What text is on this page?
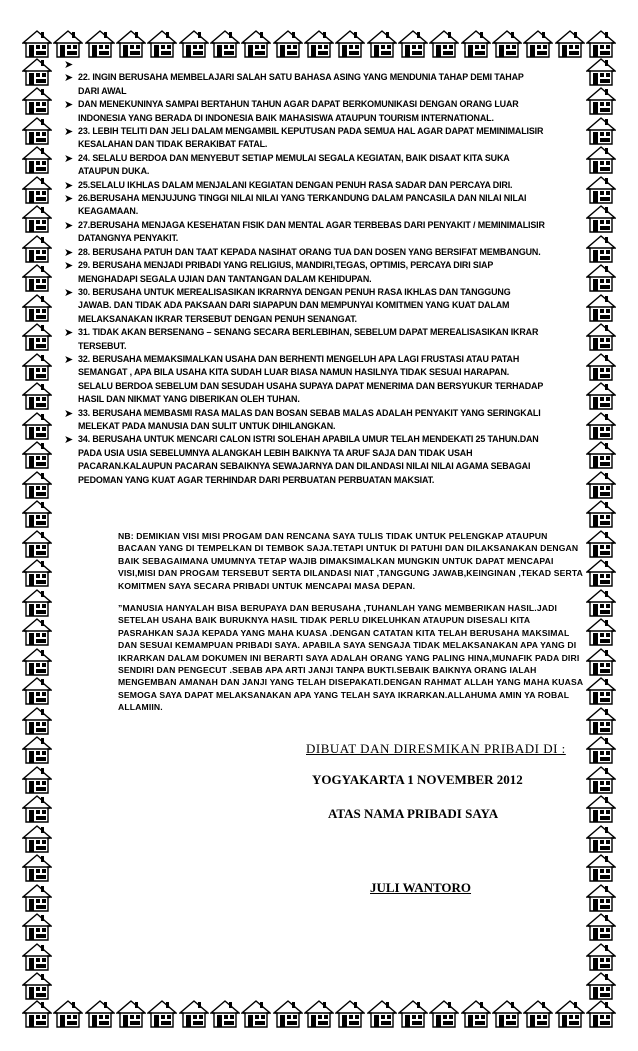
➤
➤ 22. INGIN BERUSAHA MEMBELAJARI SALAH SATU BAHASA ASING YANG MENDUNIA TAHAP DEMI TAHAP DARI AWAL
➤ DAN MENEKUNINYA SAMPAI BERTAHUN TAHUN AGAR DAPAT BERKOMUNIKASI DENGAN ORANG LUAR INDONESIA YANG BERADA DI INDONESIA BAIK MAHASISWA ATAUPUN TOURISM INTERNATIONAL.
➤ 23. LEBIH TELITI DAN JELI DALAM MENGAMBIL KEPUTUSAN PADA SEMUA HAL AGAR DAPAT MEMINIMALISIR KESALAHAN DAN TIDAK BERAKIBAT FATAL.
➤ 24. SELALU BERDOA DAN MENYEBUT SETIAP MEMULAI SEGALA KEGIATAN, BAIK DISAAT KITA SUKA ATAUPUN DUKA.
➤ 25.SELALU IKHLAS DALAM MENJALANI KEGIATAN DENGAN PENUH RASA SADAR DAN PERCAYA DIRI.
➤ 26.BERUSAHA MENJUJUNG TINGGI NILAI NILAI YANG TERKANDUNG DALAM PANCASILA DAN NILAI NILAI KEAGAMAAN.
➤ 27.BERUSAHA MENJAGA KESEHATAN FISIK DAN MENTAL AGAR TERBEBAS DARI PENYAKIT / MEMINIMALISIR DATANGNYA PENYAKIT.
➤ 28. BERUSAHA PATUH DAN TAAT KEPADA NASIHAT ORANG TUA DAN DOSEN YANG BERSIFAT MEMBANGUN.
➤ 29. BERUSAHA MENJADI PRIBADI YANG RELIGIUS, MANDIRI,TEGAS, OPTIMIS, PERCAYA DIRI SIAP MENGHADAPI SEGALA UJIAN DAN TANTANGAN DALAM KEHIDUPAN.
➤ 30. BERUSAHA UNTUK MEREALISASIKAN IKRARNYA DENGAN PENUH RASA IKHLAS DAN TANGGUNG JAWAB. DAN TIDAK ADA PAKSAAN DARI SIAPAPUN DAN MEMPUNYAI KOMITMEN YANG KUAT DALAM MELAKSANAKAN IKRAR TERSEBUT DENGAN PENUH SENANGAT.
➤ 31. TIDAK AKAN BERSENANG – SENANG SECARA BERLEBIHAN, SEBELUM DAPAT MEREALISASIKAN IKRAR TERSEBUT.
➤ 32. BERUSAHA MEMAKSIMALKAN USAHA DAN BERHENTI MENGELUH APA LAGI FRUSTASI ATAU PATAH SEMANGAT , APA BILA USAHA KITA SUDAH LUAR BIASA NAMUN HASILNYA TIDAK SESUAI HARAPAN. SELALU BERDOA SEBELUM DAN SESUDAH USAHA SUPAYA DAPAT MENERIMA DAN BERSYUKUR TERHADAP HASIL DAN NIKMAT YANG DIBERIKAN OLEH TUHAN.
➤ 33. BERUSAHA MEMBASMI RASA MALAS DAN BOSAN SEBAB MALAS ADALAH PENYAKIT YANG SERINGKALI MELEKAT PADA MANUSIA DAN SULIT UNTUK DIHILANGKAN.
➤ 34. BERUSAHA UNTUK MENCARI CALON ISTRI SOLEHAH APABILA UMUR TELAH MENDEKATI 25 TAHUN.DAN PADA USIA USIA SEBELUMNYA ALANGKAH LEBIH BAIKNYA TA ARUF SAJA DAN TIDAK USAH PACARAN.KALAUPUN PACARAN SEBAIKNYA SEWAJARNYA DAN DILANDASI NILAI NILAI AGAMA SEBAGAI PEDOMAN YANG KUAT AGAR TERHINDAR DARI PERBUATAN PERBUATAN MAKSIAT.

NB: DEMIKIAN VISI MISI PROGAM DAN RENCANA SAYA TULIS TIDAK UNTUK PELENGKAP ATAUPUN BACAAN YANG DI TEMPELKAN DI TEMBOK SAJA.TETAPI UNTUK DI PATUHI DAN DILAKSANAKAN DENGAN BAIK SEBAGAIMANA UMUMNYA TETAP WAJIB DIMAKSIMALKAN MUNGKIN UNTUK DAPAT MENCAPAI VISI,MISI DAN PROGAM TERSEBUT SERTA DILANDASI NIAT ,TANGGUNG JAWAB,KEINGINAN ,TEKAD SERTA KOMITMEN SAYA SECARA PRIBADI UNTUK MENCAPAI MASA DEPAN.

”MANUSIA HANYALAH BISA BERUPAYA DAN BERUSAHA ,TUHANLAH YANG MEMBERIKAN HASIL.JADI SETELAH USAHA BAIK BURUKNYA HASIL TIDAK PERLU DIKELUHKAN ATAUPUN DISESALI KITA PASRAHKAN SAJA KEPADA YANG MAHA KUASA .DENGAN CATATAN KITA TELAH BERUSAHA MAKSIMAL DAN SESUAI KEMAMPUAN PRIBADI SAYA. APABILA SAYA SENGAJA TIDAK MELAKSANAKAN APA YANG DI IKRARKAN DALAM DOKUMEN INI BERARTI SAYA ADALAH ORANG YANG PALING HINA,MUNAFIK PADA DIRI SENDIRI DAN PENGECUT .SEBAB APA ARTI JANJI TANPA BUKTI.SEBAIK BAIKNYA ORANG IALAH MENGEMBAN AMANAH DAN JANJI YANG TELAH DISEPAKATI.DENGAN RAHMAT ALLAH YANG MAHA KUASA SEMOGA SAYA DAPAT MELAKSANAKAN APA YANG TELAH SAYA IKRARKAN.ALLAHUMA AMIN YA ROBAL ALLAMIIN.

DIBUAT DAN DIRESMIKAN PRIBADI DI :
YOGYAKARTA 1 NOVEMBER 2012
ATAS NAMA PRIBADI SAYA
JULI WANTORO
